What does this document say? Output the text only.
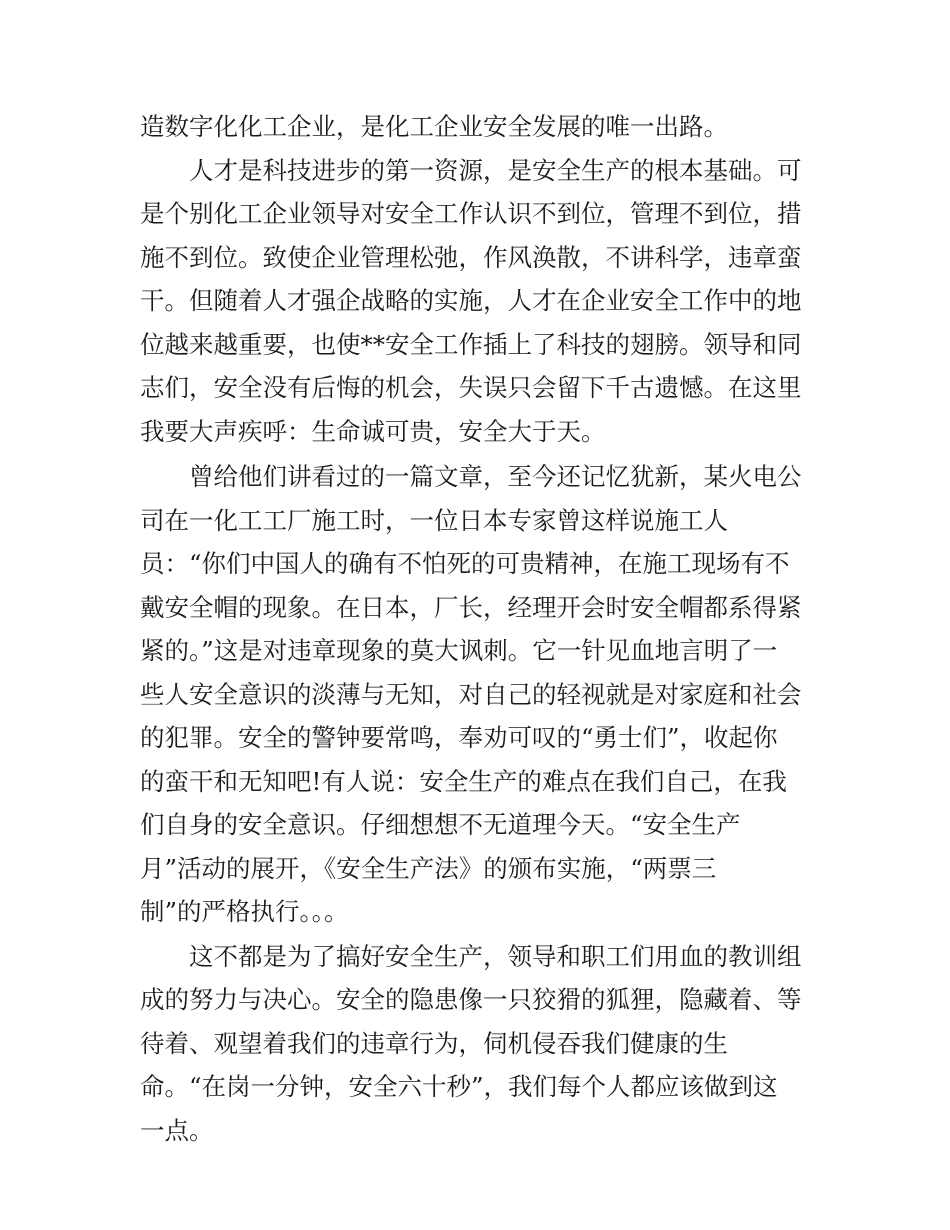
造数字化化工企业，是化工企业安全发展的唯一出路。
人才是科技进步的第一资源，是安全生产的根本基础。可
是个别化工企业领导对安全工作认识不到位，管理不到位，措
施不到位。致使企业管理松弛，作风涣散，不讲科学，违章蛮
干。但随着人才强企战略的实施，人才在企业安全工作中的地
位越来越重要，也使**安全工作插上了科技的翅膀。领导和同
志们，安全没有后悔的机会，失误只会留下千古遗憾。在这里
我要大声疾呼：生命诚可贵，安全大于天。
曾给他们讲看过的一篇文章，至今还记忆犹新，某火电公
司在一化工工厂施工时，一位日本专家曾这样说施工人
员：“你们中国人的确有不怕死的可贵精神，在施工现场有不
戴安全帽的现象。在日本，厂长，经理开会时安全帽都系得紧
紧的。”这是对违章现象的莫大讽刺。它一针见血地言明了一
些人安全意识的淡薄与无知，对自己的轻视就是对家庭和社会
的犯罪。安全的警钟要常鸣，奉劝可叹的“勇士们”，收起你
的蛮干和无知吧!有人说：安全生产的难点在我们自己，在我
们自身的安全意识。仔细想想不无道理今天。“安全生产
月”活动的展开，《安全生产法》的颁布实施，“两票三
制”的严格执行。。。
这不都是为了搞好安全生产，领导和职工们用血的教训组
成的努力与决心。安全的隐患像一只狡猾的狐狸，隐藏着、等
待着、观望着我们的违章行为，伺机侵吞我们健康的生
命。“在岗一分钟，安全六十秒”，我们每个人都应该做到这
一点。
